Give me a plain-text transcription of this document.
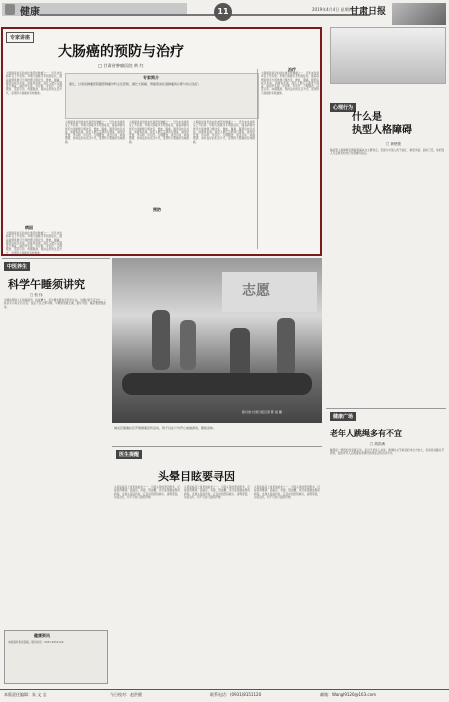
健康	11	2019年4月4日 星期四
甘肃日报
专家讲座
大肠癌的预防与治疗
□ 甘肃省肿瘤医院 黄 红
大肠癌是常见的消化道恶性肿瘤之一，近年来发病率呈上升趋势。早期大肠癌多无明显症状，随着病情进展可出现排便习惯改变、便血、腹痛、腹部包块及贫血、消瘦等表现。高危人群应定期进行筛查，做到早发现、早诊断、早治疗。合理膳食、适量运动、戒烟限酒、保持良好的生活方式，是预防大肠癌的有效措施。
专家简介
黄红，甘肃省肿瘤医院腹部肿瘤外科主任医师，擅长大肠癌、胃癌等消化道肿瘤的诊断与综合治疗。
大肠癌是常见的消化道恶性肿瘤之一，近年来发病率呈上升趋势。早期大肠癌多无明显症状，随着病情进展可出现排便习惯改变、便血、腹痛、腹部包块及贫血、消瘦等表现。高危人群应定期进行筛查，做到早发现、早诊断、早治疗。合理膳食、适量运动、戒烟限酒、保持良好的生活方式，是预防大肠癌的有效措施。
大肠癌是常见的消化道恶性肿瘤之一，近年来发病率呈上升趋势。早期大肠癌多无明显症状，随着病情进展可出现排便习惯改变、便血、腹痛、腹部包块及贫血、消瘦等表现。高危人群应定期进行筛查，做到早发现、早诊断、早治疗。合理膳食、适量运动、戒烟限酒、保持良好的生活方式，是预防大肠癌的有效措施。
大肠癌是常见的消化道恶性肿瘤之一，近年来发病率呈上升趋势。早期大肠癌多无明显症状，随着病情进展可出现排便习惯改变、便血、腹痛、腹部包块及贫血、消瘦等表现。高危人群应定期进行筛查，做到早发现、早诊断、早治疗。合理膳食、适量运动、戒烟限酒、保持良好的生活方式，是预防大肠癌的有效措施。
大肠癌是常见的消化道恶性肿瘤之一，近年来发病率呈上升趋势。早期大肠癌多无明显症状，随着病情进展可出现排便习惯改变、便血、腹痛、腹部包块及贫血、消瘦等表现。高危人群应定期进行筛查，做到早发现、早诊断、早治疗。合理膳食、适量运动、戒烟限酒、保持良好的生活方式，是预防大肠癌的有效措施。
病因
预防
治疗
大肠癌是常见的消化道恶性肿瘤之一，近年来发病率呈上升趋势。早期大肠癌多无明显症状，随着病情进展可出现排便习惯改变、便血、腹痛、腹部包块及贫血、消瘦等表现。高危人群应定期进行筛查，做到早发现、早诊断、早治疗。合理膳食、适量运动、戒烟限酒、保持良好的生活方式，是预防大肠癌的有效措施。
心理行为
什么是
执型人格障碍
□ 黄楚骏
偏执型人格障碍以猜疑和偏执为主要特点，表现为对他人的不信任、敏感多疑、固执己见，常把别人无意或友好的行为误解为敌意。
中医养生
科学午睡须讲究
□ 恒 伟
午睡能帮助人们消除疲劳、恢复精力，但午睡也要讲究科学方法。午睡时间不宜过长，一般以半小时左右为宜；饭后不宜立即午睡；午睡姿势要正确，最好平卧；醒后要慢慢起身。
健康资讯
本版稿件欢迎投稿，联系电话：0931-8151120
志愿
新甘肃·甘肃日报记者 陈 斌 摄
城关区雁滩社区开展健康宣传活动，孩子们在户外开心地做游戏，锻炼身体。
医生提醒
头晕目眩要寻因
头晕是临床上常见的症状之一，引起头晕的原因很多，可能是颈椎病、高血压、贫血、低血糖，也可能是脑血管疾病等。出现头晕症状时，应及时到医院就诊，查明原因，对症治疗，切不可自行滥用药物。
头晕是临床上常见的症状之一，引起头晕的原因很多，可能是颈椎病、高血压、贫血、低血糖，也可能是脑血管疾病等。出现头晕症状时，应及时到医院就诊，查明原因，对症治疗，切不可自行滥用药物。
头晕是临床上常见的症状之一，引起头晕的原因很多，可能是颈椎病、高血压、贫血、低血糖，也可能是脑血管疾病等。出现头晕症状时，应及时到医院就诊，查明原因，对症治疗，切不可自行滥用药物。
健康广场
老年人跳绳多有不宜
□ 胡洪满
跳绳是一项很好的有氧运动，但对于老年人来说，跳绳时关节承受的冲击力较大，容易造成膝关节损伤，因此老年人应根据自身情况选择适合的运动方式。
本版责任编辑：朱 文 宝	今日校对：赵洪健	联系电话：(0931)8151120	邮箱：Wangl9120@163.com
